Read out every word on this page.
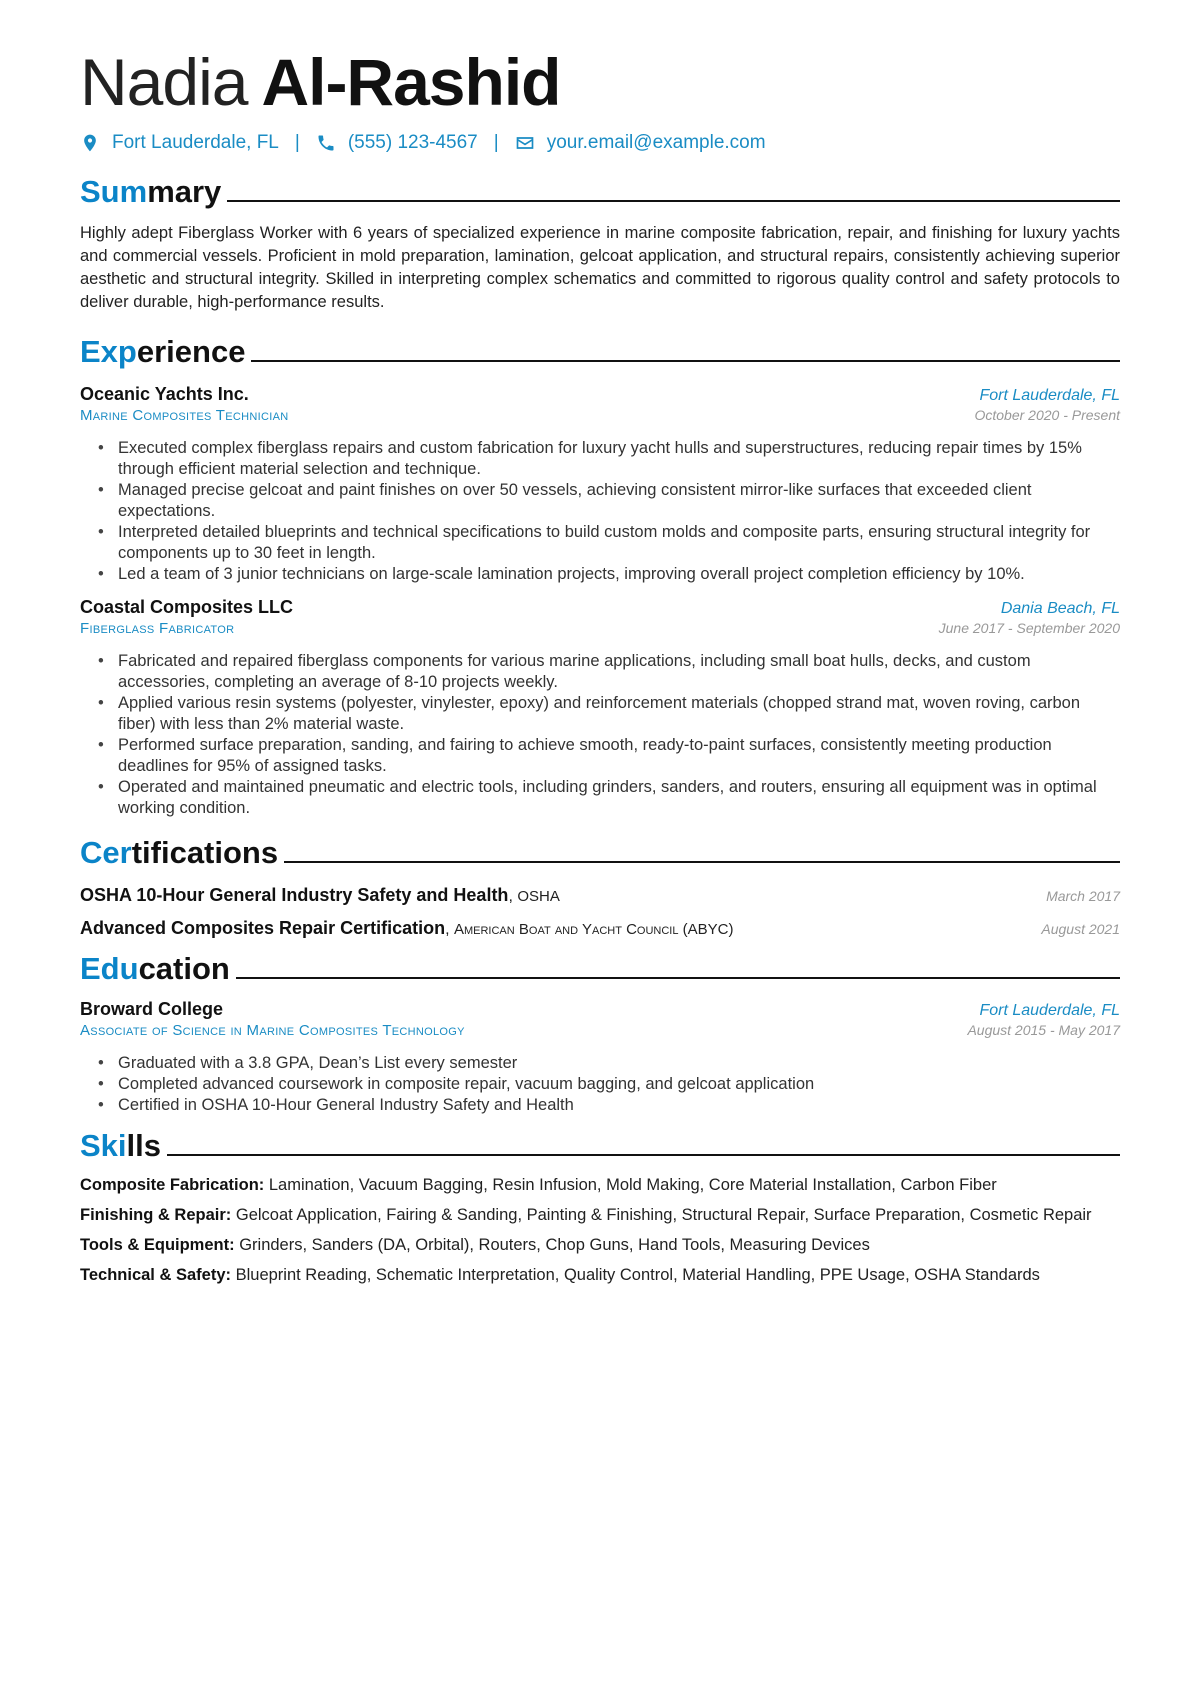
Nadia Al-Rashid
Fort Lauderdale, FL |	(555) 123-4567 |	your.email@example.com
Sum mary
Highly adept Fiberglass Worker with 6 years of specialized experience in marine composite fabrication, repair, and finishing for luxury yachts and commercial vessels. Proficient in mold preparation, lamination, gelcoat application, and structural repairs, consistently achieving superior aesthetic and structural integrity. Skilled in interpreting complex schematics and committed to rigorous quality control and safety protocols to deliver durable, high-performance results.
Exp erience
Oceanic Yachts Inc.	Fort Lauderdale, FL
Marine Composites Technician	October 2020 - Present
• Executed complex fiberglass repairs and custom fabrication for luxury yacht hulls and superstructures, reducing repair times by 15% through efficient material selection and technique.
• Managed precise gelcoat and paint finishes on over 50 vessels, achieving consistent mirror-like surfaces that exceeded client expectations.
• Interpreted detailed blueprints and technical specifications to build custom molds and composite parts, ensuring structural integrity for components up to 30 feet in length.
• Led a team of 3 junior technicians on large-scale lamination projects, improving overall project completion efficiency by 10%.
Coastal Composites LLC	Dania Beach, FL
Fiberglass Fabricator	June 2017 - September 2020
• Fabricated and repaired fiberglass components for various marine applications, including small boat hulls, decks, and custom accessories, completing an average of 8-10 projects weekly.
• Applied various resin systems (polyester, vinylester, epoxy) and reinforcement materials (chopped strand mat, woven roving, carbon fiber) with less than 2% material waste.
• Performed surface preparation, sanding, and fairing to achieve smooth, ready-to-paint surfaces, consistently meeting production deadlines for 95% of assigned tasks.
• Operated and maintained pneumatic and electric tools, including grinders, sanders, and routers, ensuring all equipment was in optimal working condition.
Cer tifications
OSHA 10-Hour General Industry Safety and Health, OSHA	March 2017
Advanced Composites Repair Certification, American Boat and Yacht Council (ABYC)	August 2021
Edu cation
Broward College	Fort Lauderdale, FL
Associate of Science in Marine Composites Technology	August 2015 - May 2017
• Graduated with a 3.8 GPA, Dean’s List every semester
• Completed advanced coursework in composite repair, vacuum bagging, and gelcoat application
• Certified in OSHA 10-Hour General Industry Safety and Health
Ski lls
Composite Fabrication: Lamination, Vacuum Bagging, Resin Infusion, Mold Making, Core Material Installation, Carbon Fiber
Finishing & Repair: Gelcoat Application, Fairing & Sanding, Painting & Finishing, Structural Repair, Surface Preparation, Cosmetic Repair
Tools & Equipment: Grinders, Sanders (DA, Orbital), Routers, Chop Guns, Hand Tools, Measuring Devices
Technical & Safety: Blueprint Reading, Schematic Interpretation, Quality Control, Material Handling, PPE Usage, OSHA Standards
